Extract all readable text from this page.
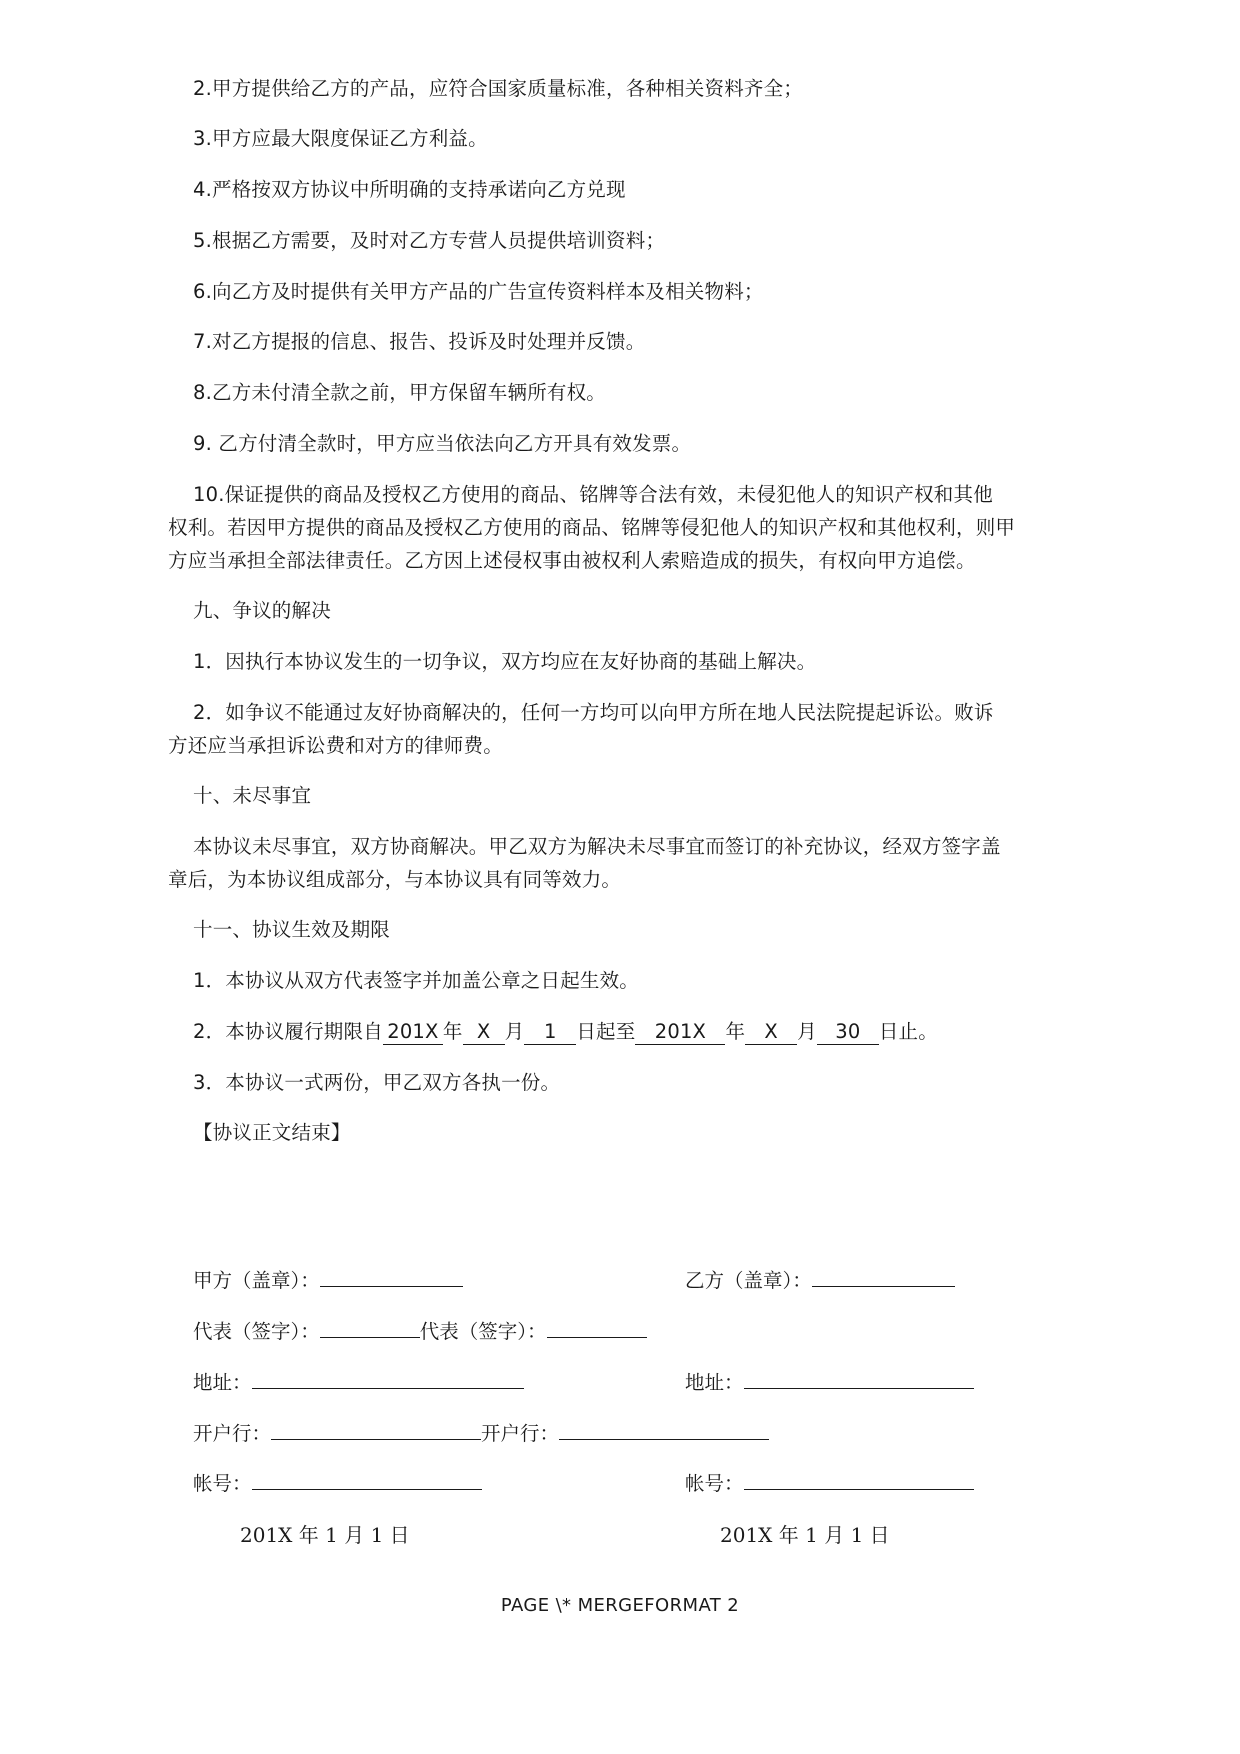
2.甲方提供给乙方的产品，应符合国家质量标准，各种相关资料齐全；
3.甲方应最大限度保证乙方利益。
4.严格按双方协议中所明确的支持承诺向乙方兑现
5.根据乙方需要，及时对乙方专营人员提供培训资料；
6.向乙方及时提供有关甲方产品的广告宣传资料样本及相关物料；
7.对乙方提报的信息、报告、投诉及时处理并反馈。
8.乙方未付清全款之前，甲方保留车辆所有权。
9. 乙方付清全款时，甲方应当依法向乙方开具有效发票。
10.保证提供的商品及授权乙方使用的商品、铭牌等合法有效，未侵犯他人的知识产权和其他
权利。若因甲方提供的商品及授权乙方使用的商品、铭牌等侵犯他人的知识产权和其他权利，则甲
方应当承担全部法律责任。乙方因上述侵权事由被权利人索赔造成的损失，有权向甲方追偿。
九、争议的解决
1．因执行本协议发生的一切争议，双方均应在友好协商的基础上解决。
2．如争议不能通过友好协商解决的，任何一方均可以向甲方所在地人民法院提起诉讼。败诉
方还应当承担诉讼费和对方的律师费。
十、未尽事宜
本协议未尽事宜，双方协商解决。甲乙双方为解决未尽事宜而签订的补充协议，经双方签字盖
章后，为本协议组成部分，与本协议具有同等效力。
十一、协议生效及期限
1．本协议从双方代表签字并加盖公章之日起生效。
2．本协议履行期限自 201X 年 X 月 1 日起至 201X 年 X 月 30 日止。
3．本协议一式两份，甲乙双方各执一份。
【协议正文结束】
甲方（盖章）：	乙方（盖章）：
代表（签字）：	代表（签字）：
地址：	地址：
开户行：	开户行：
帐号：	帐号：
201X 年 1 月 1 日	201X 年 1 月 1 日
PAGE \* MERGEFORMAT 2
